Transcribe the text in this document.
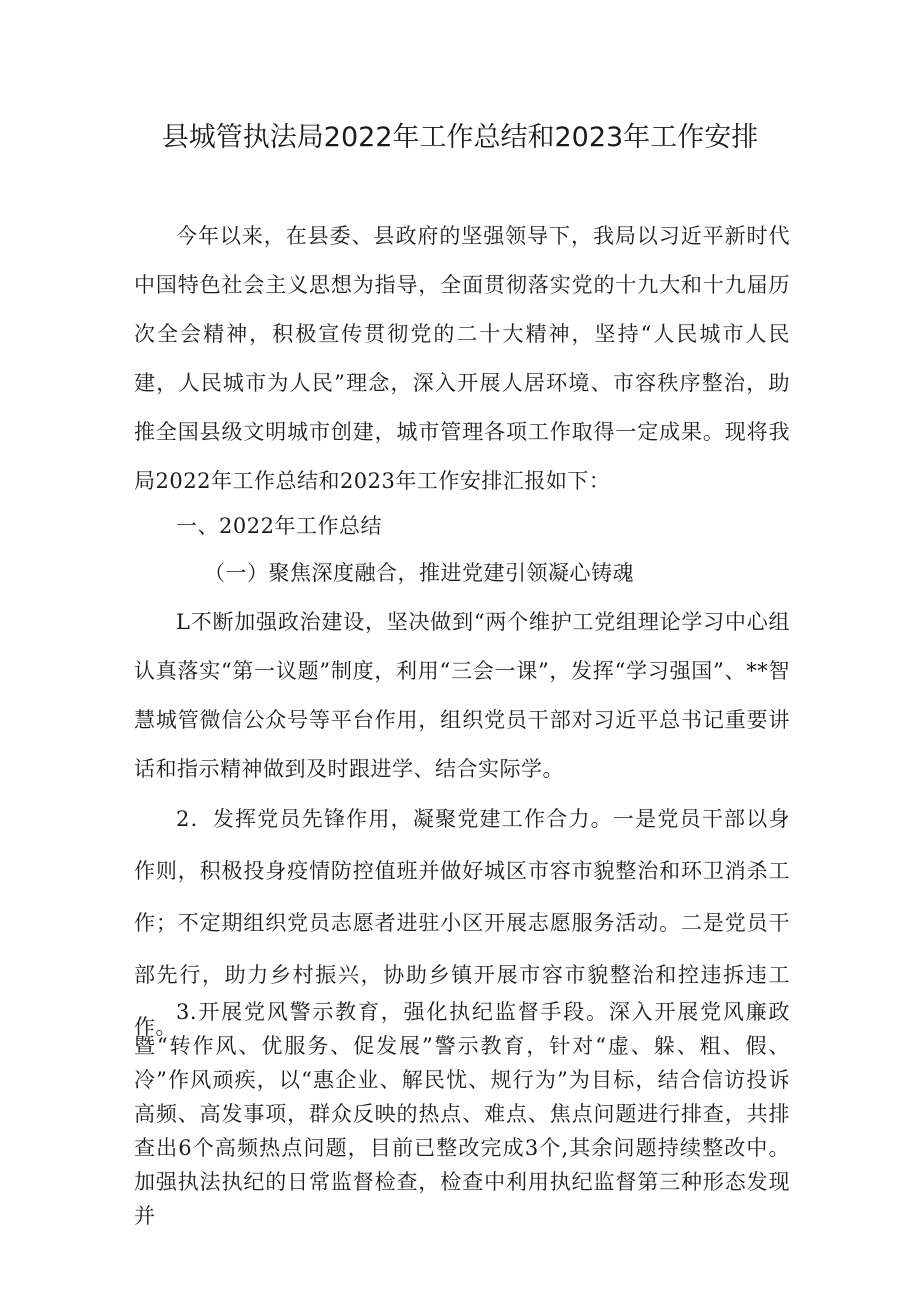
县城管执法局2022年工作总结和2023年工作安排

今年以来，在县委、县政府的坚强领导下，我局以习近平新时代中国特色社会主义思想为指导，全面贯彻落实党的十九大和十九届历次全会精神，积极宣传贯彻党的二十大精神，坚持“人民城市人民建，人民城市为人民”理念，深入开展人居环境、市容秩序整治，助推全国县级文明城市创建，城市管理各项工作取得一定成果。现将我局2022年工作总结和2023年工作安排汇报如下：

一、2022年工作总结

（一）聚焦深度融合，推进党建引领凝心铸魂

L不断加强政治建设，坚决做到“两个维护工党组理论学习中心组认真落实“第一议题”制度，利用“三会一课”，发挥“学习强国”、**智慧城管微信公众号等平台作用，组织党员干部对习近平总书记重要讲话和指示精神做到及时跟进学、结合实际学。

2．发挥党员先锋作用，凝聚党建工作合力。一是党员干部以身作则，积极投身疫情防控值班并做好城区市容市貌整治和环卫消杀工作；不定期组织党员志愿者进驻小区开展志愿服务活动。二是党员干部先行，助力乡村振兴，协助乡镇开展市容市貌整治和控违拆违工作。

3.开展党风警示教育，强化执纪监督手段。深入开展党风廉政暨“转作风、优服务、促发展”警示教育，针对“虚、躲、粗、假、冷”作风顽疾，以“惠企业、解民忧、规行为”为目标，结合信访投诉高频、高发事项，群众反映的热点、难点、焦点问题进行排查，共排查出6个高频热点问题，目前已整改完成3个,其余问题持续整改中。加强执法执纪的日常监督检查，检查中利用执纪监督第三种形态发现并
